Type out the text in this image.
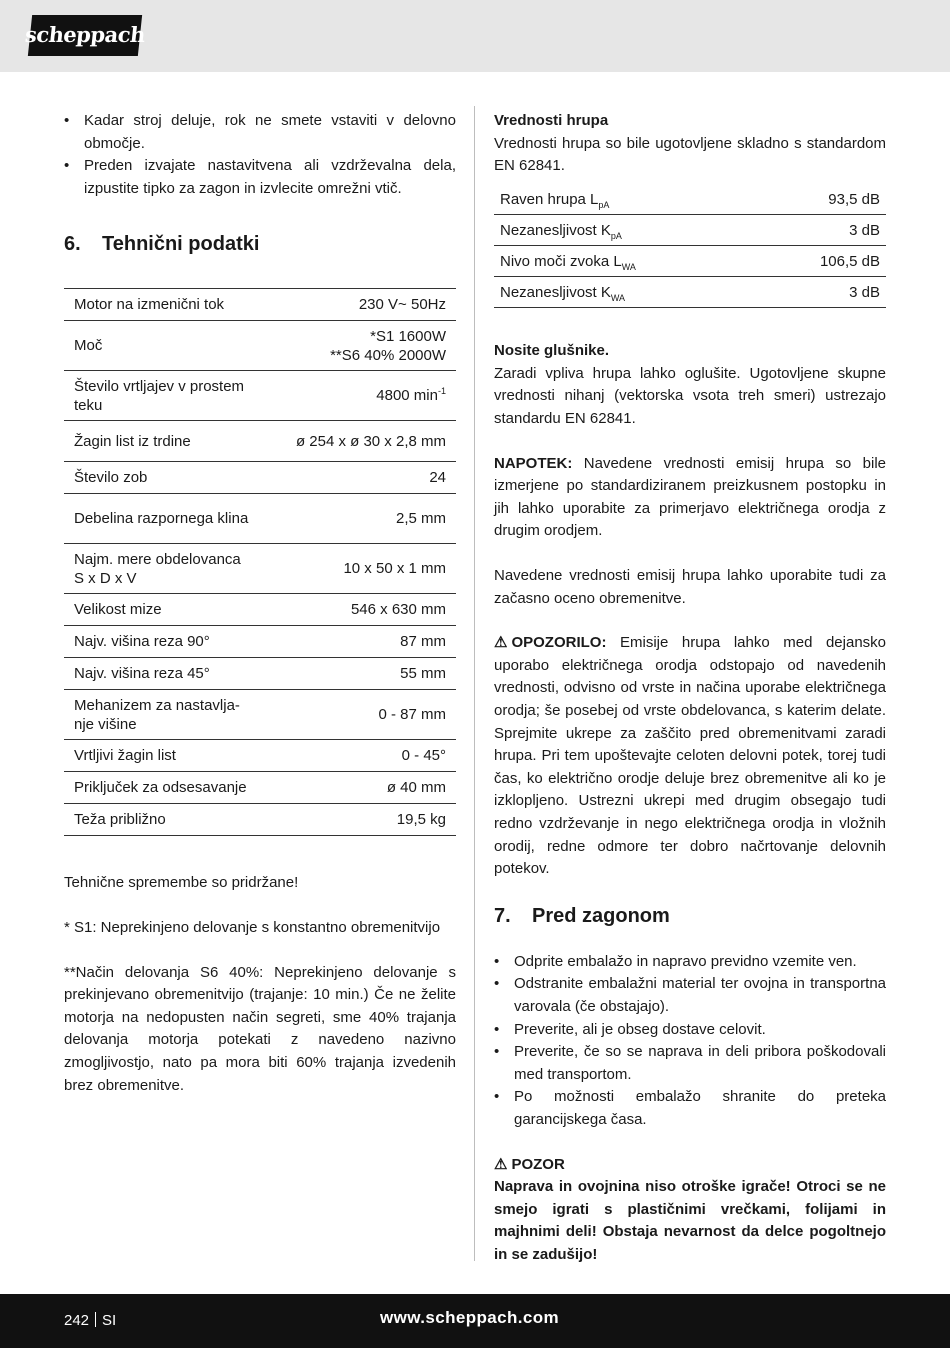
scheppach
• Kadar stroj deluje, rok ne smete vstaviti v delovno območje.
• Preden izvajate nastavitvena ali vzdrževalna dela, izpustite tipko za zagon in izvlecite omrežni vtič.
6.	Tehnični podatki
Motor na izmenični tok	230 V~ 50Hz
Moč	*S1 1600W
**S6 40% 2000W

Število vrtljajev v prostem teku	4800 $\min^{-1}$
Žagin list iz trdine	ø 254 x ø 30 x 2,8 mm
Število zob	24
Debelina razpornega klina	2,5 mm
Najm. mere obdelovanca S x D x V	10 x 50 x 1 mm
Velikost mize	546 x 630 mm
Najv. višina reza 90°	87 mm
Najv. višina reza 45°	55 mm
Mehanizem za nastavlja-nje višine	0 - 87 mm
Vrtljivi žagin list	0 - 45°
Priključek za odsesavanje	ø 40 mm
Teža približno	19,5 kg

Tehnične spremembe so pridržane!

* S1: Neprekinjeno delovanje s konstantno obremenitvijo

**Način delovanja S6 40%: Neprekinjeno delovanje s prekinjevano obremenitvijo (trajanje: 10 min.) Če ne želite motorja na nedopusten način segreti, sme 40% trajanja delovanja motorja potekati z navedeno nazivno zmogljivostjo, nato pa mora biti 60% trajanja izvedenih brez obremenitve.

Vrednosti hrupa

Vrednosti hrupa so bile ugotovljene skladno s standardom EN 62841.

Raven hrupa $L_{pA}$	93,5 dB
Nezanesljivost $K_{pA}$	3 dB
Nivo moči zvoka $L_{WA}$	106,5 dB
Nezanesljivost $K_{WA}$	3 dB

Nosite glušnike.

Zaradi vpliva hrupa lahko oglušite. Ugotovljene skupne vrednosti nihanj (vektorska vsota treh smeri) ustrezajo standardu EN 62841.

NAPOTEK: Navedene vrednosti emisij hrupa so bile izmerjene po standardiziranem preizkusnem postopku in jih lahko uporabite za primerjavo električnega orodja z drugim orodjem.

Navedene vrednosti emisij hrupa lahko uporabite tudi za začasno oceno obremenitve.

⚠ OPOZORILO: Emisije hrupa lahko med dejansko uporabo električnega orodja odstopajo od navedenih vrednosti, odvisno od vrste in načina uporabe električnega orodja; še posebej od vrste obdelovanca, s katerim delate. Sprejmite ukrepe za zaščito pred obremenitvami zaradi hrupa. Pri tem upoštevajte celoten delovni potek, torej tudi čas, ko električno orodje deluje brez obremenitve ali ko je izklopljeno. Ustrezni ukrepi med drugim obsegajo tudi redno vzdrževanje in nego električnega orodja in vložnih orodij, redne odmore ter dobro načrtovanje delovnih potekov.

7.	Pred zagonom
• Odprite embalažo in napravo previdno vzemite ven.
• Odstranite embalažni material ter ovojna in transportna varovala (če obstajajo).
• Preverite, ali je obseg dostave celovit.
• Preverite, če so se naprava in deli pribora poškodovali med transportom.
• Po možnosti embalažo shranite do preteka garancijskega časa.

⚠ POZOR

Naprava in ovojnina niso otroške igrače! Otroci se ne smejo igrati s plastičnimi vrečkami, folijami in majhnimi deli! Obstaja nevarnost da delce pogoltnejo in se zadušijo!

242 SI	www.scheppach.com
